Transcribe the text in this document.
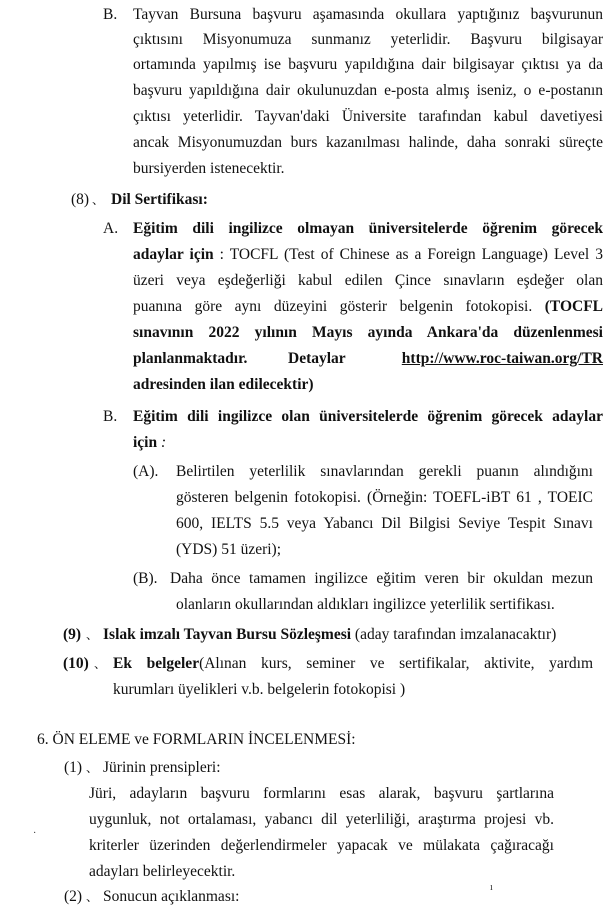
B. Tayvan Bursuna başvuru aşamasında okullara yaptığınız başvurunun
çıktısını Misyonumuza sunmanız yeterlidir. Başvuru bilgisayar
ortamında yapılmış ise başvuru yapıldığına dair bilgisayar çıktısı ya da
başvuru yapıldığına dair okulunuzdan e-posta almış iseniz, o e-postanın
çıktısı yeterlidir. Tayvan'daki Üniversite tarafından kabul davetiyesi
ancak Misyonumuzdan burs kazanılması halinde, daha sonraki süreçte
bursiyerden istenecektir.
(8) 、 Dil Sertifikası:
A. Eğitim dili ingilizce olmayan üniversitelerde öğrenim görecek
adaylar için : TOCFL (Test of Chinese as a Foreign Language) Level 3
üzeri veya eşdeğerliği kabul edilen Çince sınavların eşdeğer olan
puanına göre aynı düzeyini gösterir belgenin fotokopisi. (TOCFL
sınavının 2022 yılının Mayıs ayında Ankara'da düzenlenmesi
planlanmaktadır.	Detaylar	http://www.roc-taiwan.org/TR
adresinden ilan edilecektir)
B. Eğitim dili ingilizce olan üniversitelerde öğrenim görecek adaylar
için :
(A). Belirtilen yeterlilik sınavlarından gerekli puanın alındığını
gösteren belgenin fotokopisi. (Örneğin: TOEFL-iBT 61 , TOEIC
600, IELTS 5.5 veya Yabancı Dil Bilgisi Seviye Tespit Sınavı
(YDS) 51 üzeri);
(B). Daha önce tamamen ingilizce eğitim veren bir okuldan mezun
olanların okullarından aldıkları ingilizce yeterlilik sertifikası.
(9) 、 Islak imzalı Tayvan Bursu Sözleşmesi (aday tarafından imzalanacaktır)
(10) 、 Ek belgeler(Alınan kurs, seminer ve sertifikalar, aktivite, yardım
kurumları üyelikleri v.b. belgelerin fotokopisi )
6. ÖN ELEME ve FORMLARIN İNCELENMESİ:
(1) 、 Jürinin prensipleri:
Jüri, adayların başvuru formlarını esas alarak, başvuru şartlarına
uygunluk, not ortalaması, yabancı dil yeterliliği, araştırma projesi vb.
kriterler üzerinden değerlendirmeler yapacak ve mülakata çağıracağı
adayları belirleyecektir.
(2) 、 Sonucun açıklanması:
·
ı
